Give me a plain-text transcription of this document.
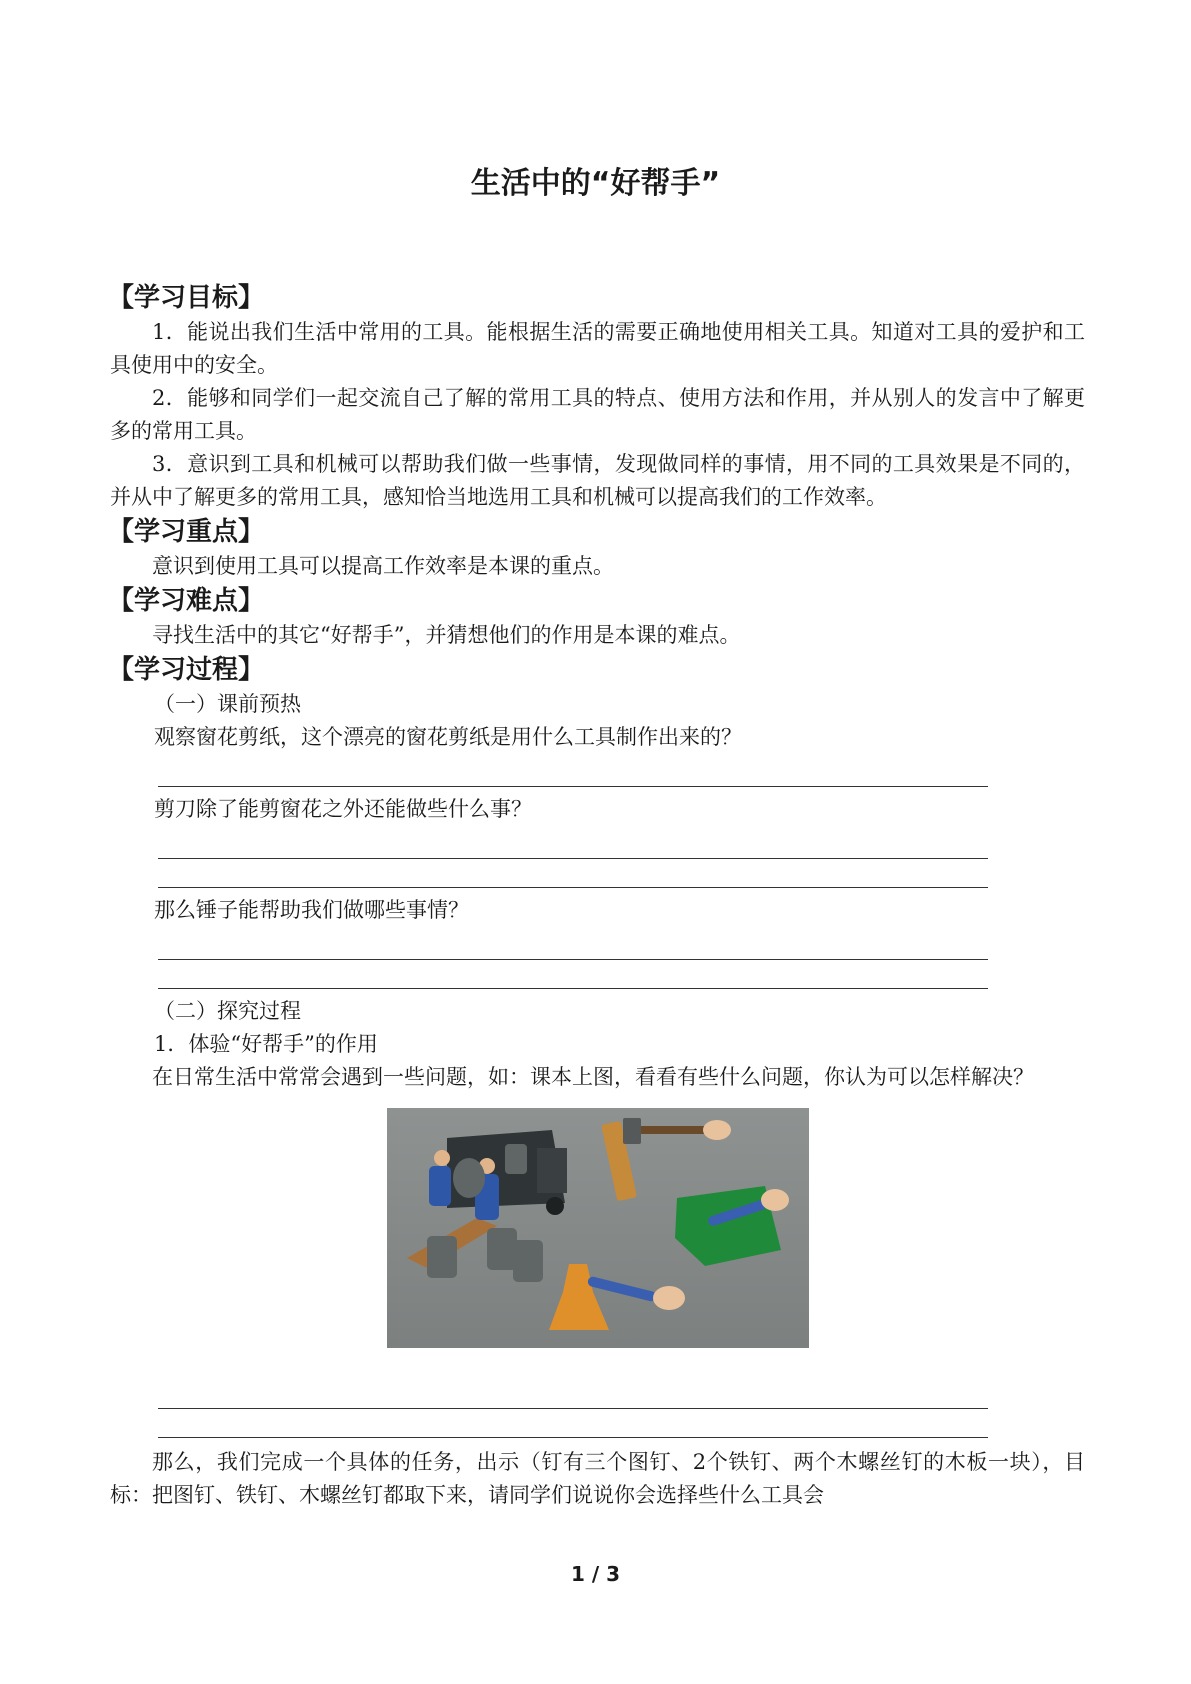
生活中的“好帮手”
【学习目标】
1．能说出我们生活中常用的工具。能根据生活的需要正确地使用相关工具。知道对工具的爱护和工具使用中的安全。
2．能够和同学们一起交流自己了解的常用工具的特点、使用方法和作用，并从别人的发言中了解更多的常用工具。
3．意识到工具和机械可以帮助我们做一些事情，发现做同样的事情，用不同的工具效果是不同的，并从中了解更多的常用工具，感知恰当地选用工具和机械可以提高我们的工作效率。
【学习重点】
意识到使用工具可以提高工作效率是本课的重点。
【学习难点】
寻找生活中的其它“好帮手”，并猜想他们的作用是本课的难点。
【学习过程】
（一）课前预热
观察窗花剪纸，这个漂亮的窗花剪纸是用什么工具制作出来的？
剪刀除了能剪窗花之外还能做些什么事？
那么锤子能帮助我们做哪些事情？
（二）探究过程
1．体验“好帮手”的作用
在日常生活中常常会遇到一些问题，如：课本上图，看看有些什么问题，你认为可以怎样解决？
那么，我们完成一个具体的任务，出示（钉有三个图钉、2个铁钉、两个木螺丝钉的木板一块），目标：把图钉、铁钉、木螺丝钉都取下来，请同学们说说你会选择些什么工具会
1 / 3
